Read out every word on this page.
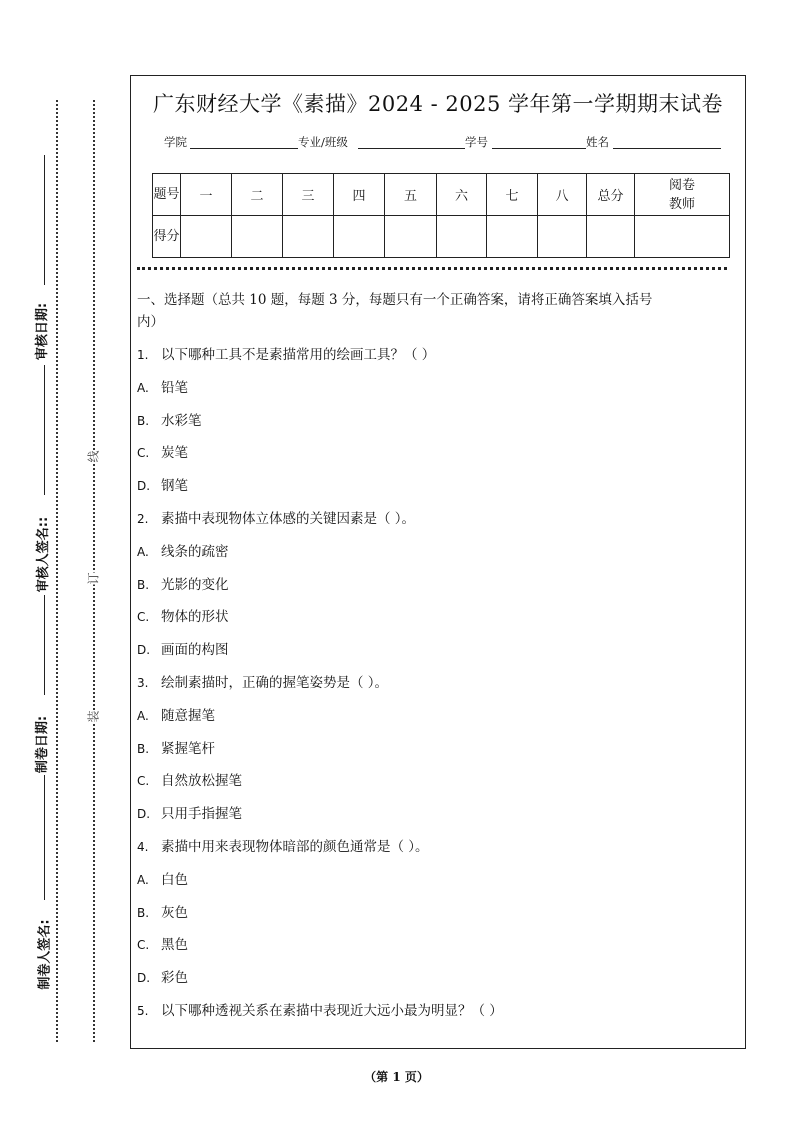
审核日期:
审核人签名::
制卷日期:
制卷人签名:
线
订
装
广东财经大学《素描》2024 - 2025 学年第一学期期末试卷
学院	专业/班级	学号	姓名
题号	一	二	三	四	五	六	七	八	总分	阅卷教师

得分										
一、选择题（总共 10 题，每题 3 分，每题只有一个正确答案，请将正确答案填入括号
内）
1. 以下哪种工具不是素描常用的绘画工具？（ ）
A. 铅笔
B. 水彩笔
C. 炭笔
D. 钢笔
2. 素描中表现物体立体感的关键因素是（ ）。
A. 线条的疏密
B. 光影的变化
C. 物体的形状
D. 画面的构图
3. 绘制素描时，正确的握笔姿势是（ ）。
A. 随意握笔
B. 紧握笔杆
C. 自然放松握笔
D. 只用手指握笔
4. 素描中用来表现物体暗部的颜色通常是（ ）。
A. 白色
B. 灰色
C. 黑色
D. 彩色
5. 以下哪种透视关系在素描中表现近大远小最为明显？（ ）
（第 1 页）
